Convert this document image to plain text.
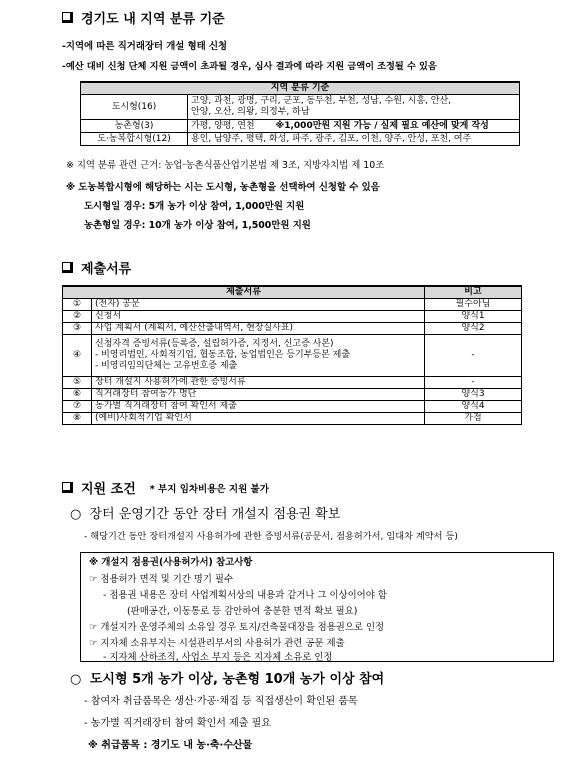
경기도 내 지역 분류 기준
-지역에 따른 직거래장터 개설 형태 신청
-예산 대비 신청 단체 지원 금액이 초과될 경우, 심사 결과에 따라 지원 금액이 조정될 수 있음
지역 분류 기준	
도시형(16)	고양, 과천, 광명, 구리, 군포, 동두천, 부천, 성남, 수원, 시흥, 안산,
안양, 오산, 의왕, 의정부, 하남

농촌형(3)	가평, 양평, 연천 ※1,000만원 지원 가능 / 실제 필요 예산에 맞게 작성
도·농복합시형(12)	용인, 남양주, 평택, 화성, 파주, 광주, 김포, 이천, 양주, 안성, 포천, 여주
※ 지역 분류 관련 근거: 농업·농촌식품산업기본법 제 3조, 지방자치법 제 10조
※ 도농복합시형에 해당하는 시는 도시형, 농촌형을 선택하여 신청할 수 있음
도시형일 경우: 5개 농가 이상 참여, 1,000만원 지원
농촌형일 경우: 10개 농가 이상 참여, 1,500만원 지원
제출서류
제출서류		비고
①	(전자) 공문	필수아님
②	신청서	양식1
③	사업 계획서 (계획서, 예산산출내역서, 현장실사표)	양식2
④	신청자격 증빙서류(등록증, 설립허가증, 지정서, 신고증 사본)
- 비영리법인, 사회적기업, 협동조합, 농업법인은 등기부등본 제출
- 비영리임의단체는 고유번호증 제출	-
⑤	장터 개설지 사용허가에 관한 증빙서류	-
⑥	직거래장터 참여농가 명단	양식3
⑦	농가별 직거래장터 참여 확인서 제출	양식4
⑧	(예비)사회적기업 확인서	가점
지원 조건 * 부지 임차비용은 지원 불가
○ 장터 운영기간 동안 장터 개설지 점용권 확보
- 해당기간 동안 장터개설지 사용허가에 관한 증빙서류(공문서, 점용허가서, 임대차 계약서 등)
※ 개설지 점용권(사용허가서) 참고사항
☞ 점용허가 면적 및 기간 명기 필수
- 점용권 내용은 장터 사업계획서상의 내용과 같거나 그 이상이어야 함
(판매공간, 이동통로 등 감안하여 충분한 면적 확보 필요)
☞ 개설지가 운영주체의 소유일 경우 토지/건축물대장을 점용권으로 인정
☞ 지자체 소유부지는 시설관리부서의 사용허가 관련 공문 제출
- 지자체 산하조직, 사업소 부지 등은 지자체 소유로 인정
○ 도시형 5개 농가 이상, 농촌형 10개 농가 이상 참여
- 참여자 취급품목은 생산·가공·채집 등 직접생산이 확인된 품목
- 농가별 직거래장터 참여 확인서 제출 필요
※ 취급품목 : 경기도 내 농·축·수산물
